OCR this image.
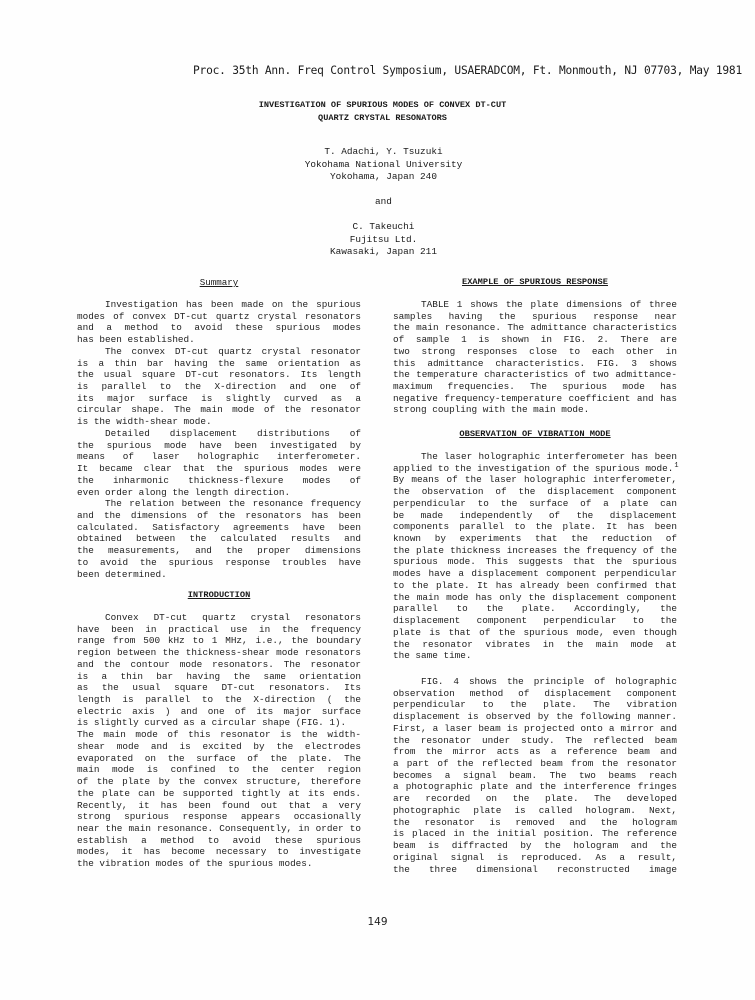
Proc. 35th Ann. Freq Control Symposium, USAERADCOM, Ft. Monmouth, NJ 07703, May 1981
INVESTIGATION OF SPURIOUS MODES OF CONVEX DT-CUT
QUARTZ CRYSTAL RESONATORS
T. Adachi, Y. Tsuzuki
Yokohama National University
Yokohama, Japan 240
and
C. Takeuchi
Fujitsu Ltd.
Kawasaki, Japan 211
Summary
Investigation has been made on the spurious
modes of convex DT-cut quartz crystal resonators
and a method to avoid these spurious modes
has been established.
The convex DT-cut quartz crystal resonator
is a thin bar having the same orientation as
the usual square DT-cut resonators. Its length
is parallel to the X-direction and one of
its major surface is slightly curved as a
circular shape. The main mode of the resonator
is the width-shear mode.
Detailed displacement distributions of
the spurious mode have been investigated by
means of laser holographic interferometer.
It became clear that the spurious modes were
the inharmonic thickness-flexure modes of
even order along the length direction.
The relation between the resonance frequency
and the dimensions of the resonators has been
calculated. Satisfactory agreements have been
obtained between the calculated results and
the measurements, and the proper dimensions
to avoid the spurious response troubles have
been determined.
INTRODUCTION
Convex DT-cut quartz crystal resonators
have been in practical use in the frequency
range from 500 kHz to 1 MHz, i.e., the boundary
region between the thickness-shear mode resonators
and the contour mode resonators. The resonator
is a thin bar having the same orientation
as the usual square DT-cut resonators. Its
length is parallel to the X-direction ( the
electric axis ) and one of its major surface
is slightly curved as a circular shape (FIG. 1).
The main mode of this resonator is the width-
shear mode and is excited by the electrodes
evaporated on the surface of the plate. The
main mode is confined to the center region
of the plate by the convex structure, therefore
the plate can be supported tightly at its ends.
Recently, it has been found out that a very
strong spurious response appears occasionally
near the main resonance. Consequently, in order to
establish a method to avoid these spurious
modes, it has become necessary to investigate
the vibration modes of the spurious modes.
EXAMPLE OF SPURIOUS RESPONSE
TABLE 1 shows the plate dimensions of three
samples having the spurious response near
the main resonance. The admittance characteristics
of sample 1 is shown in FIG. 2. There are
two strong responses close to each other in
this admittance characteristics. FIG. 3 shows
the temperature characteristics of two admittance-
maximum frequencies. The spurious mode has
negative frequency-temperature coefficient and has
strong coupling with the main mode.
OBSERVATION OF VIBRATION MODE
The laser holographic interferometer has been
applied to the investigation of the spurious mode.$^1$
By means of the laser holographic interferometer,
the observation of the displacement component
perpendicular to the surface of a plate can
be made independently of the displacement
components parallel to the plate. It has been
known by experiments that the reduction of
the plate thickness increases the frequency of the
spurious mode. This suggests that the spurious
modes have a displacement component perpendicular
to the plate. It has already been confirmed that
the main mode has only the displacement component
parallel to the plate. Accordingly, the
displacement component perpendicular to the
plate is that of the spurious mode, even though
the resonator vibrates in the main mode at
the same time.
FIG. 4 shows the principle of holographic
observation method of displacement component
perpendicular to the plate. The vibration
displacement is observed by the following manner.
First, a laser beam is projected onto a mirror and
the resonator under study. The reflected beam
from the mirror acts as a reference beam and
a part of the reflected beam from the resonator
becomes a signal beam. The two beams reach
a photographic plate and the interference fringes
are recorded on the plate. The developed
photographic plate is called hologram. Next,
the resonator is removed and the hologram
is placed in the initial position. The reference
beam is diffracted by the hologram and the
original signal is reproduced. As a result,
the three dimensional reconstructed image
149
